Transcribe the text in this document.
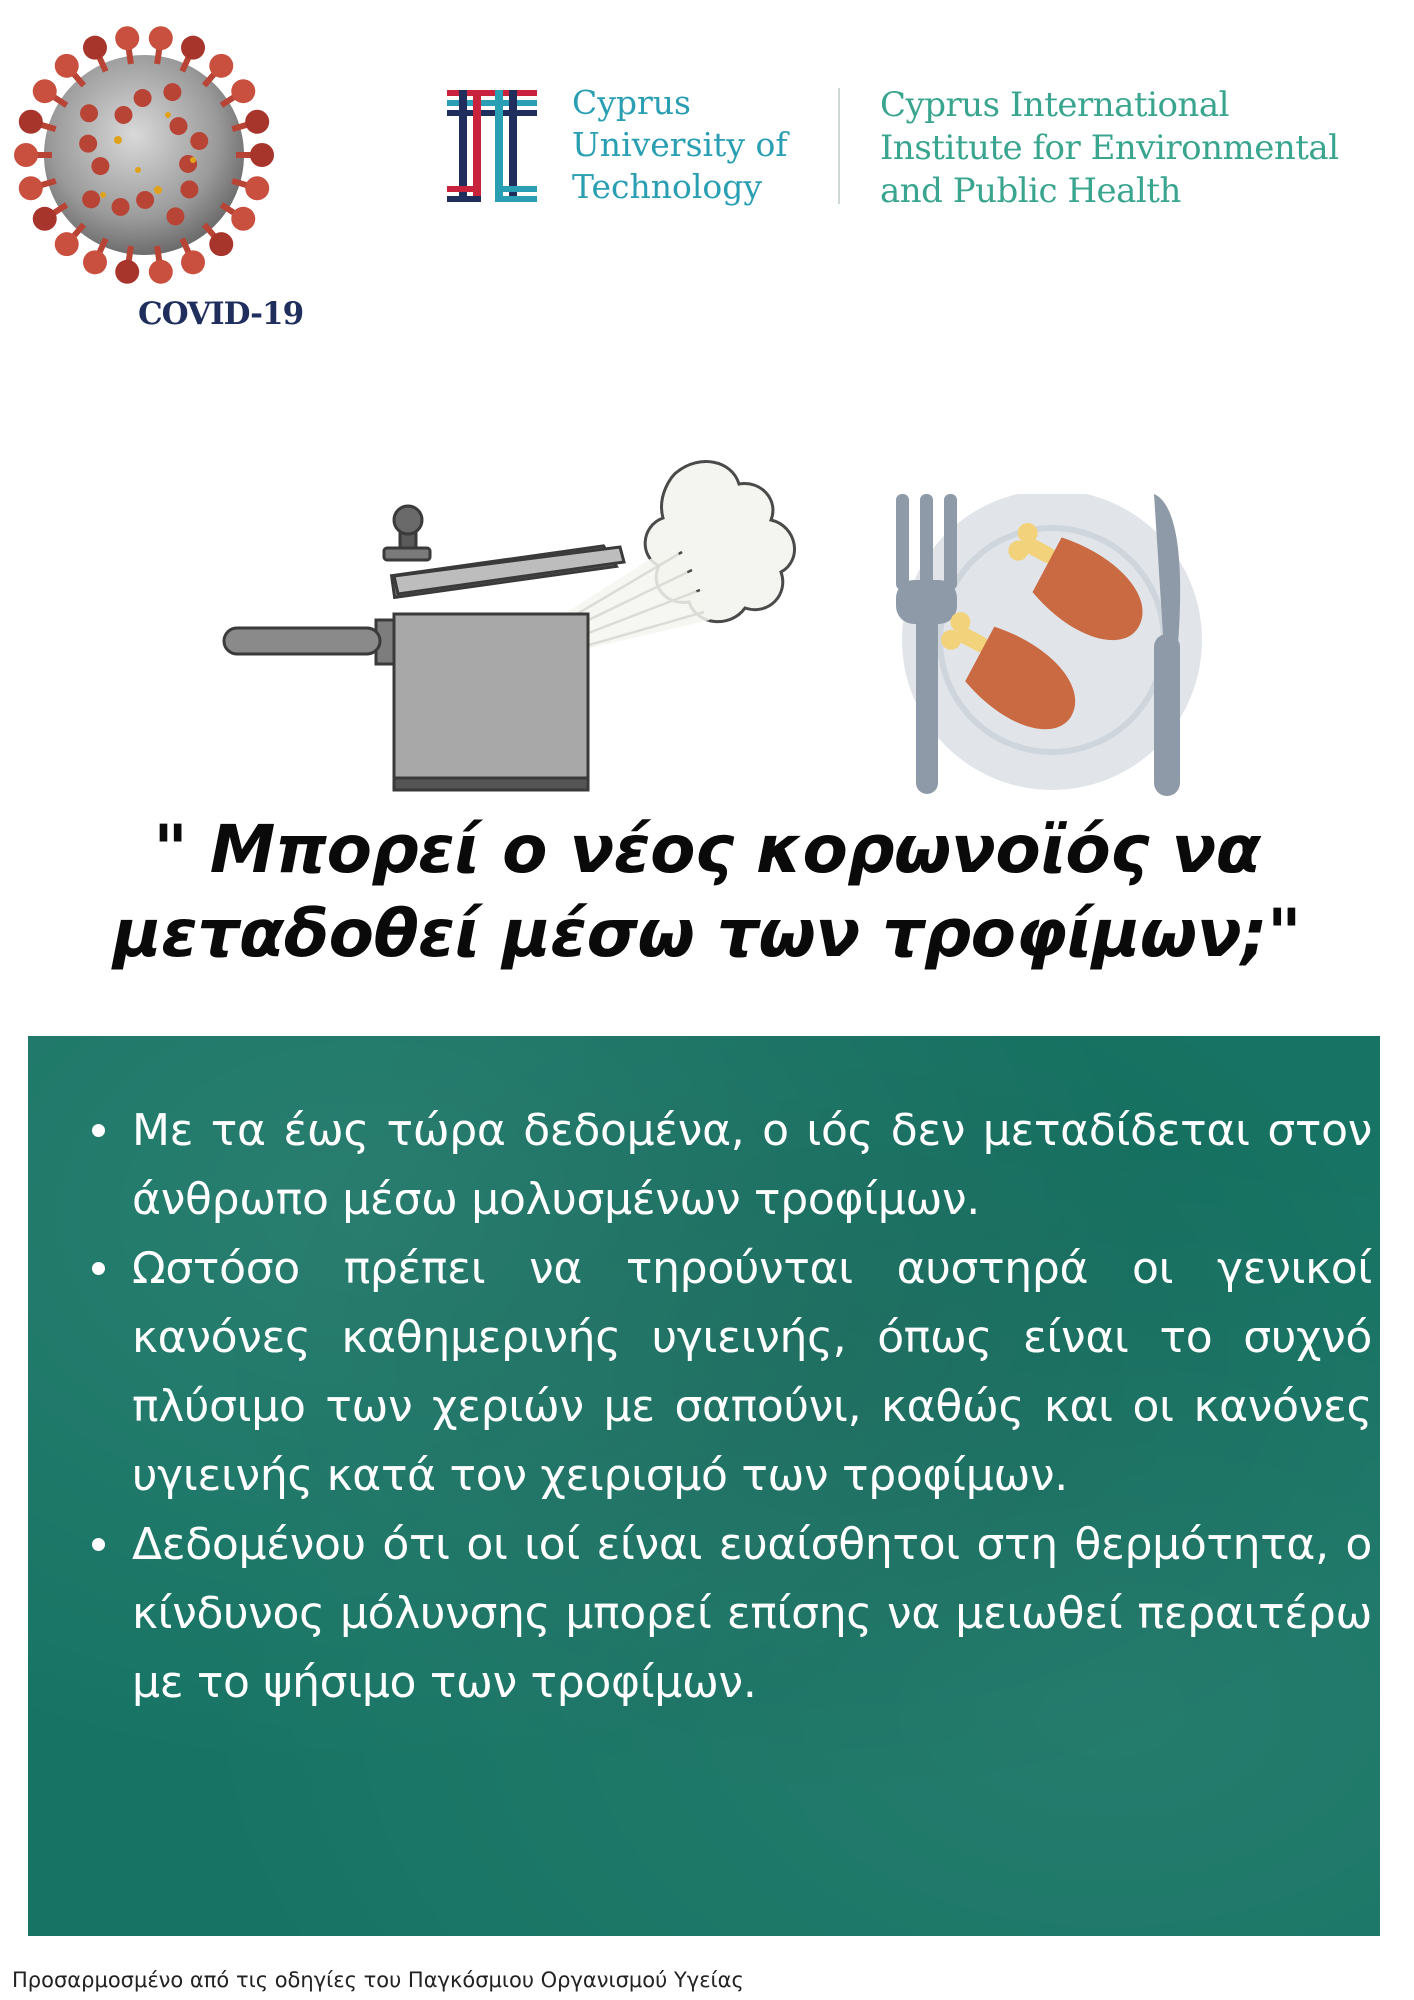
COVID-19
Cyprus
University of
Technology
Cyprus International
Institute for Environmental
and Public Health
" Μπορεί ο νέος κορωνοϊός να
μεταδοθεί μέσω των τροφίμων;"
Με τα έως τώρα δεδομένα, ο ιός δεν μεταδίδεται στον άνθρωπο μέσω μολυσμένων τροφίμων.
Ωστόσο πρέπει να τηρούνται αυστηρά οι γενικοί κανόνες καθημερινής υγιεινής, όπως είναι το συχνό πλύσιμο των χεριών με σαπούνι, καθώς και οι κανόνες υγιεινής κατά τον χειρισμό των τροφίμων.
Δεδομένου ότι οι ιοί είναι ευαίσθητοι στη θερμότητα, ο κίνδυνος μόλυνσης μπορεί επίσης να μειωθεί περαιτέρω με το ψήσιμο των τροφίμων.
Προσαρμοσμένο από τις οδηγίες του Παγκόσμιου Οργανισμού Υγείας
